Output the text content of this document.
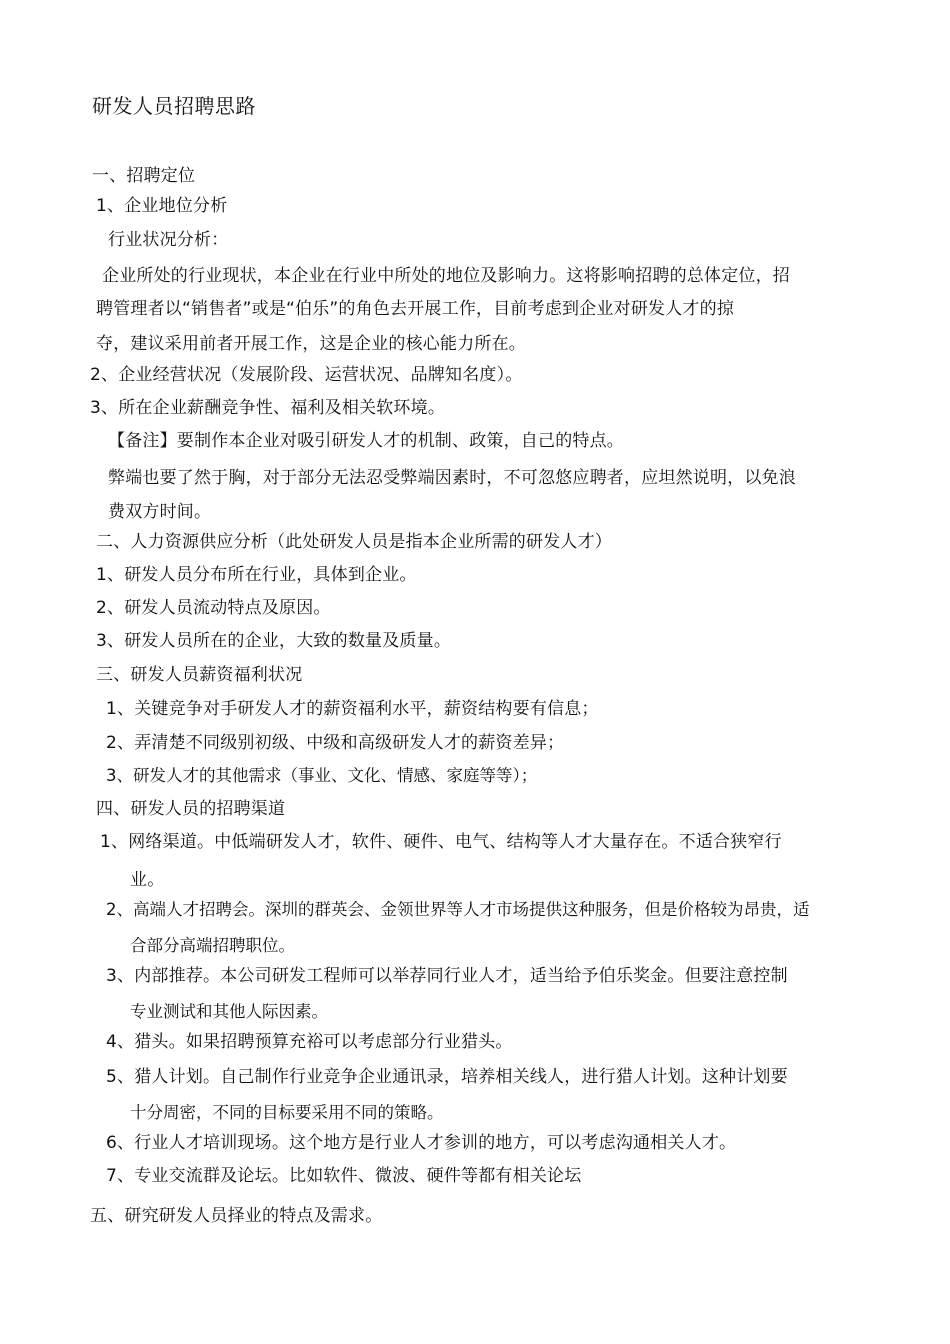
研发人员招聘思路
一、招聘定位
1、企业地位分析
行业状况分析：
企业所处的行业现状，本企业在行业中所处的地位及影响力。这将影响招聘的总体定位，招
聘管理者以“销售者”或是“伯乐”的角色去开展工作，目前考虑到企业对研发人才的掠
夺，建议采用前者开展工作，这是企业的核心能力所在。
2、企业经营状况（发展阶段、运营状况、品牌知名度）。
3、所在企业薪酬竞争性、福利及相关软环境。
【备注】要制作本企业对吸引研发人才的机制、政策，自己的特点。
弊端也要了然于胸，对于部分无法忍受弊端因素时，不可忽悠应聘者，应坦然说明，以免浪
费双方时间。
二、人力资源供应分析（此处研发人员是指本企业所需的研发人才）
1、研发人员分布所在行业，具体到企业。
2、研发人员流动特点及原因。
3、研发人员所在的企业，大致的数量及质量。
三、研发人员薪资福利状况
1、关键竞争对手研发人才的薪资福利水平，薪资结构要有信息；
2、弄清楚不同级别初级、中级和高级研发人才的薪资差异；
3、研发人才的其他需求（事业、文化、情感、家庭等等）；
四、研发人员的招聘渠道
1、网络渠道。中低端研发人才，软件、硬件、电气、结构等人才大量存在。不适合狭窄行
业。
2、高端人才招聘会。深圳的群英会、金领世界等人才市场提供这种服务，但是价格较为昂贵，适
合部分高端招聘职位。
3、内部推荐。本公司研发工程师可以举荐同行业人才，适当给予伯乐奖金。但要注意控制
专业测试和其他人际因素。
4、猎头。如果招聘预算充裕可以考虑部分行业猎头。
5、猎人计划。自己制作行业竞争企业通讯录，培养相关线人，进行猎人计划。这种计划要
十分周密，不同的目标要采用不同的策略。
6、行业人才培训现场。这个地方是行业人才参训的地方，可以考虑沟通相关人才。
7、专业交流群及论坛。比如软件、微波、硬件等都有相关论坛
五、研究研发人员择业的特点及需求。
